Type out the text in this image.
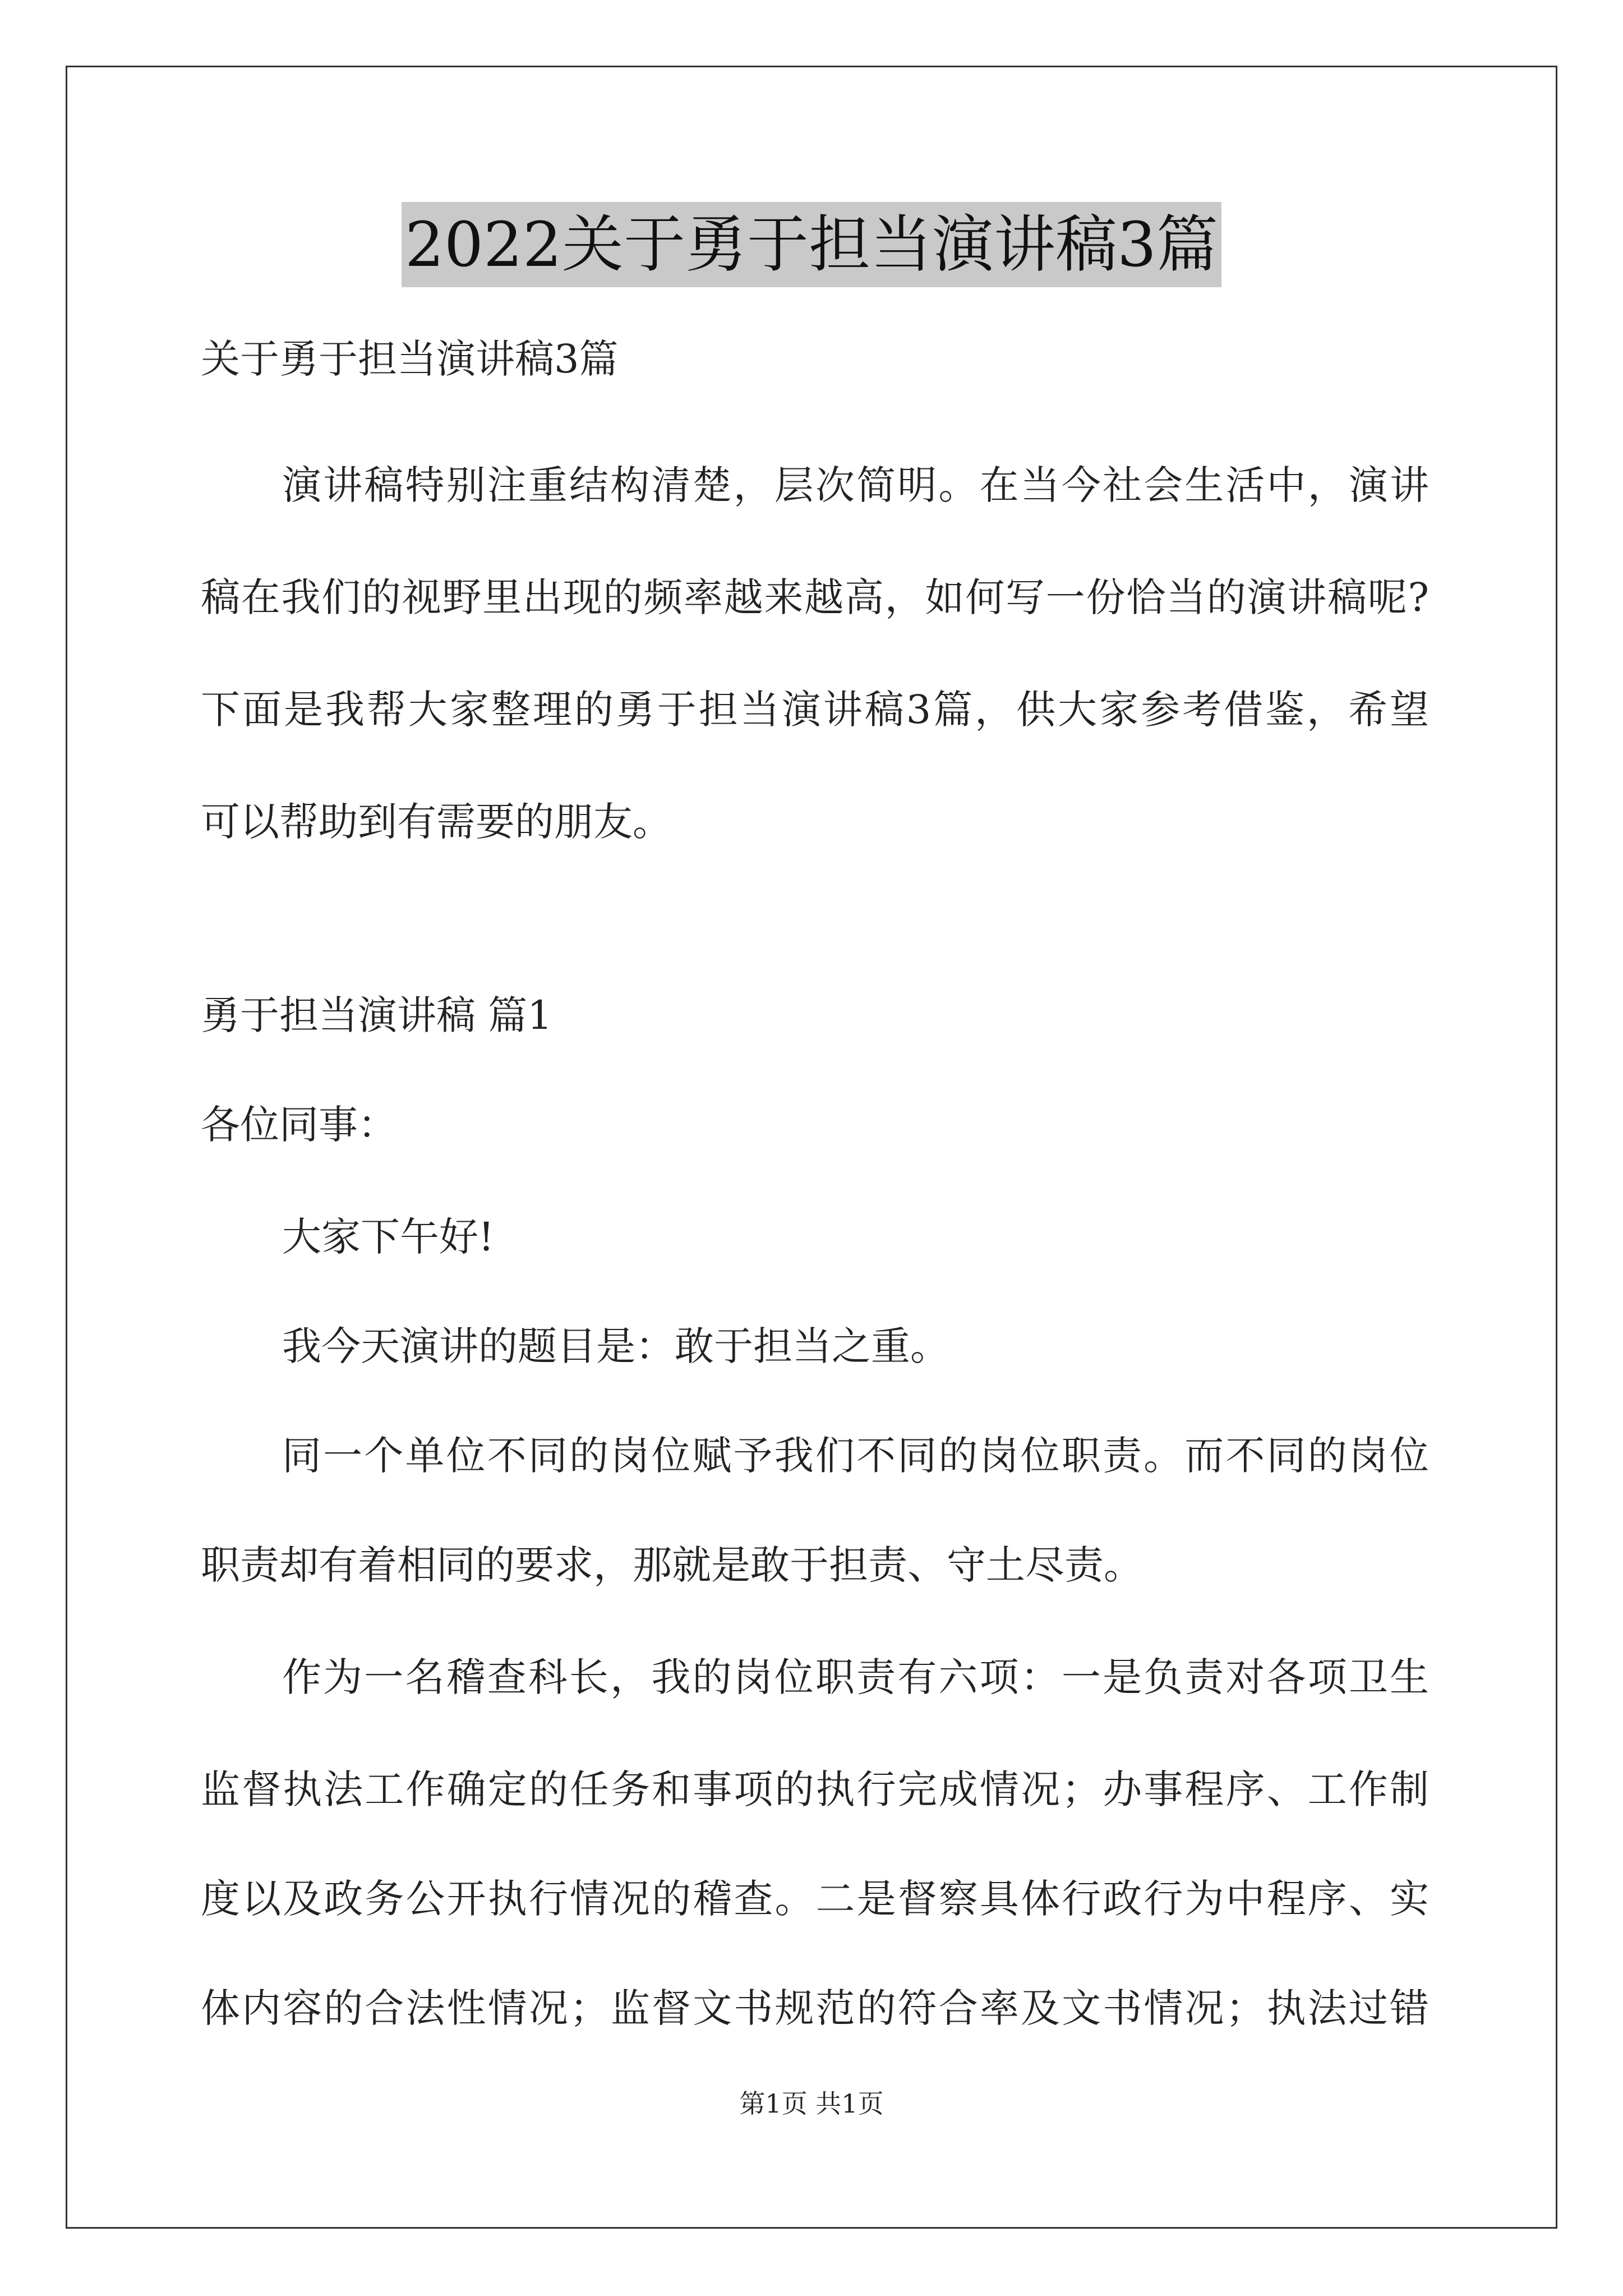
2022关于勇于担当演讲稿3篇
关于勇于担当演讲稿3篇
演讲稿特别注重结构清楚，层次简明。在当今社会生活中，演讲
稿在我们的视野里出现的频率越来越高，如何写一份恰当的演讲稿呢?
下面是我帮大家整理的勇于担当演讲稿3篇，供大家参考借鉴，希望
可以帮助到有需要的朋友。
勇于担当演讲稿 篇1
各位同事：
大家下午好!
我今天演讲的题目是：敢于担当之重。
同一个单位不同的岗位赋予我们不同的岗位职责。而不同的岗位
职责却有着相同的要求，那就是敢于担责、守土尽责。
作为一名稽查科长，我的岗位职责有六项：一是负责对各项卫生
监督执法工作确定的任务和事项的执行完成情况；办事程序、工作制
度以及政务公开执行情况的稽查。二是督察具体行政行为中程序、实
体内容的合法性情况；监督文书规范的符合率及文书情况；执法过错
第1页 共1页
